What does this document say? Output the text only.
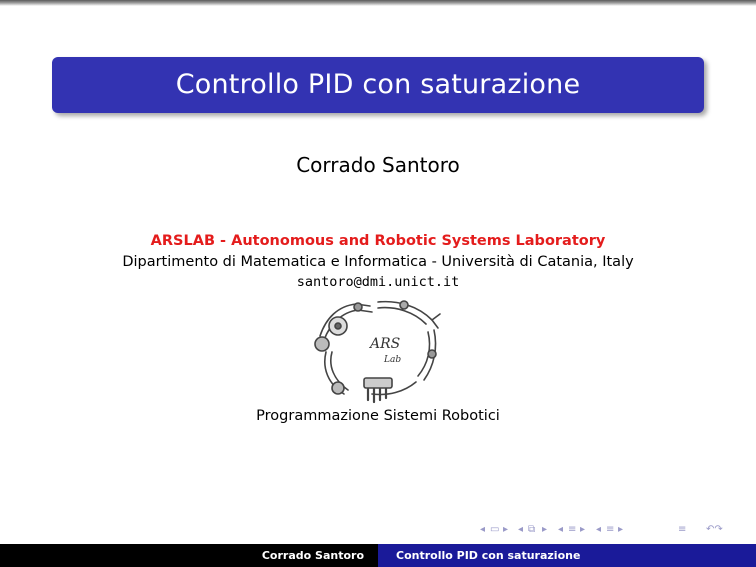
Controllo PID con saturazione
Corrado Santoro
ARSLAB - Autonomous and Robotic Systems Laboratory
Dipartimento di Matematica e Informatica - Università di Catania, Italy
santoro@dmi.unict.it
ARS
Lab
Programmazione Sistemi Robotici
◂ ▭ ▸ ◂ ⧉ ▸ ◂ ≡ ▸ ◂ ≡ ▸	≡ ↶↷
Corrado Santoro	Controllo PID con saturazione
